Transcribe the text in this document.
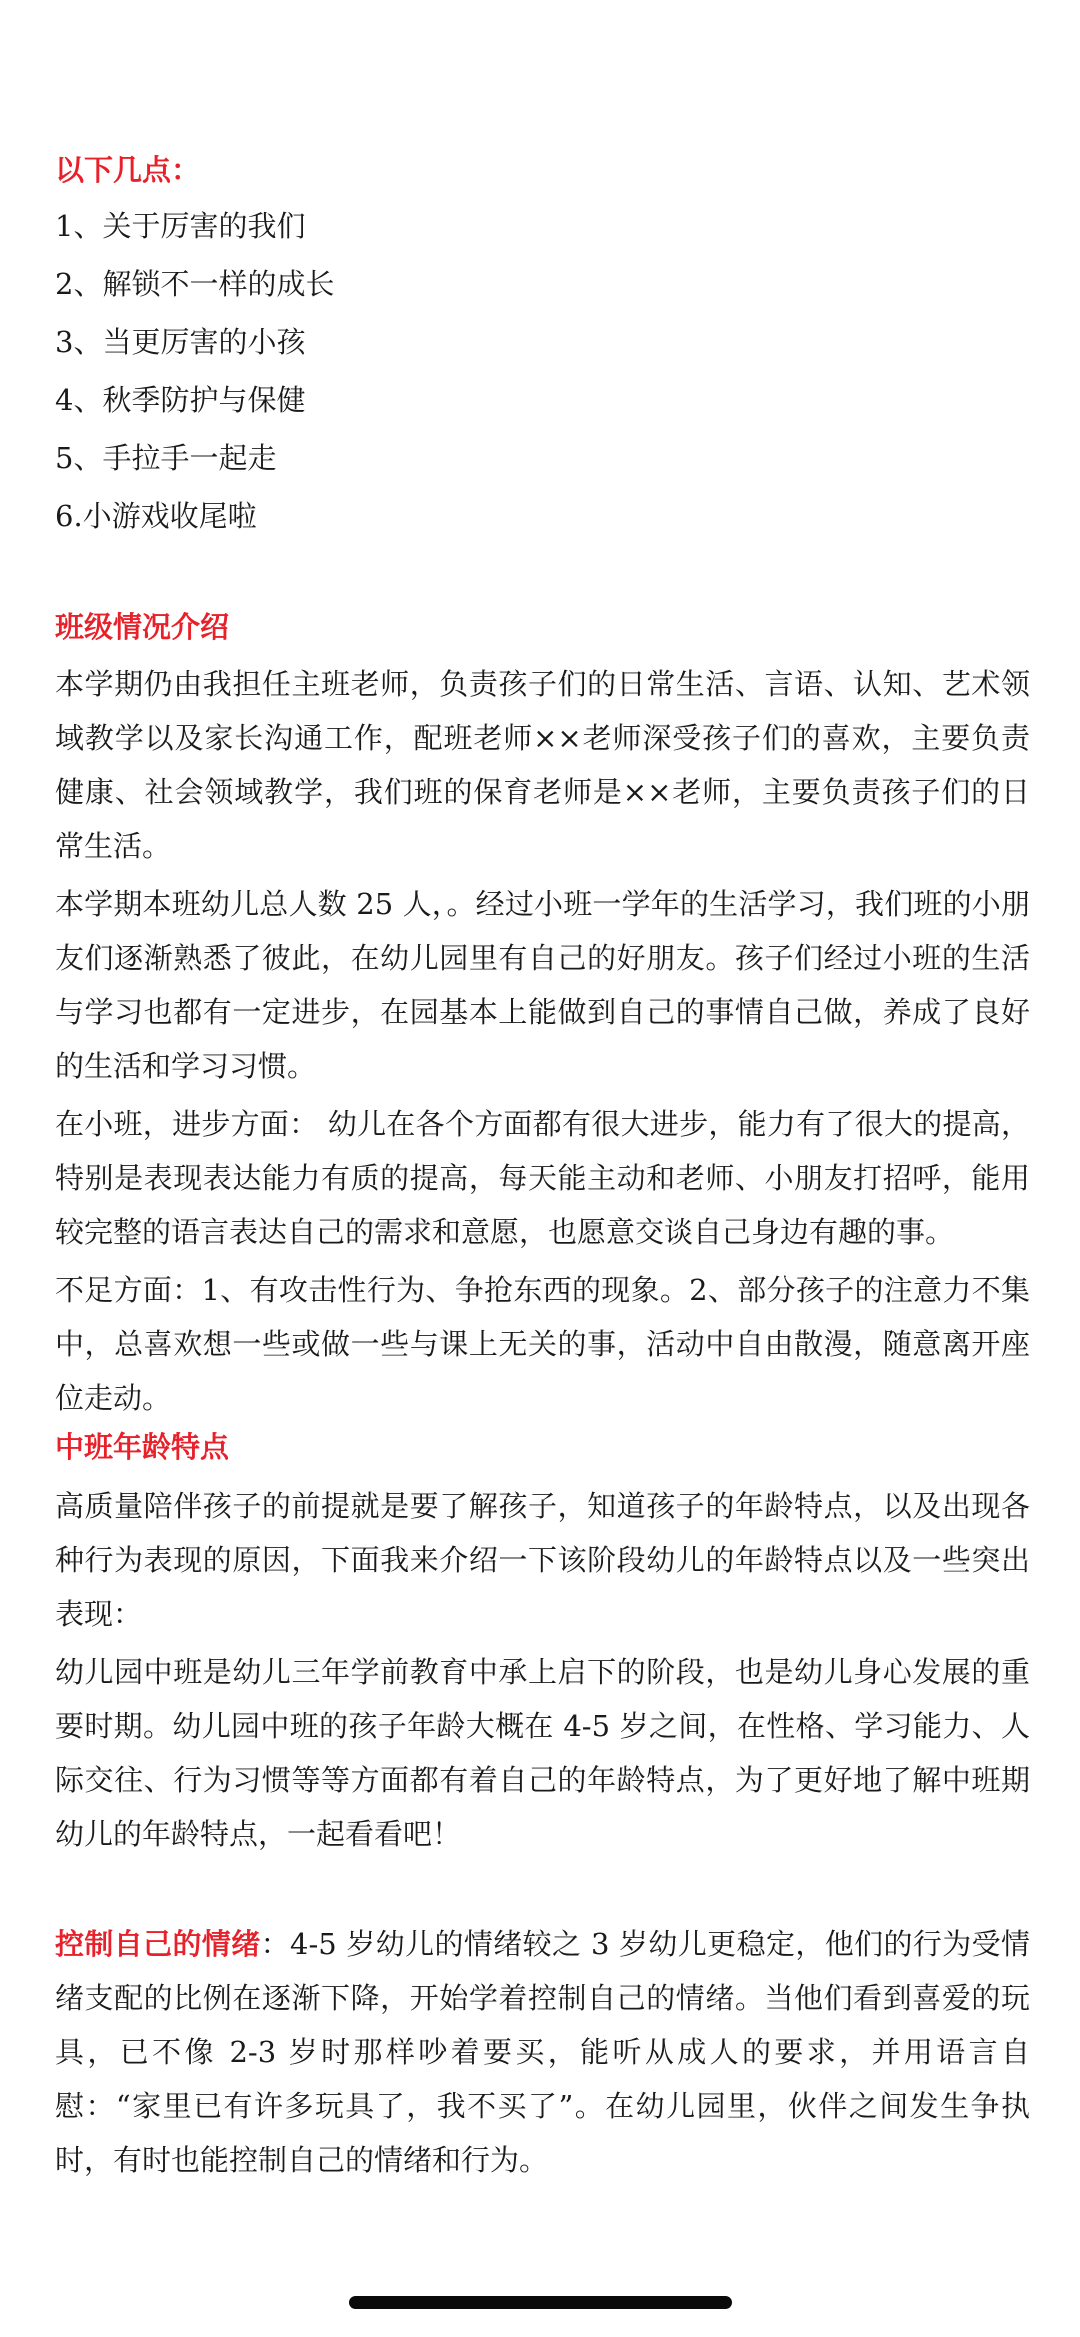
以下几点：

1、关于厉害的我们

2、解锁不一样的成长

3、当更厉害的小孩

4、秋季防护与保健

5、手拉手一起走

6.小游戏收尾啦

班级情况介绍

本学期仍由我担任主班老师，负责孩子们的日常生活、言语、认知、艺术领域教学以及家长沟通工作，配班老师××老师深受孩子们的喜欢，主要负责健康、社会领域教学，我们班的保育老师是××老师，主要负责孩子们的日常生活。

本学期本班幼儿总人数 25 人，。经过小班一学年的生活学习，我们班的小朋友们逐渐熟悉了彼此，在幼儿园里有自己的好朋友。孩子们经过小班的生活与学习也都有一定进步，在园基本上能做到自己的事情自己做，养成了良好的生活和学习习惯。

在小班，进步方面： 幼儿在各个方面都有很大进步，能力有了很大的提高，特别是表现表达能力有质的提高，每天能主动和老师、小朋友打招呼，能用较完整的语言表达自己的需求和意愿，也愿意交谈自己身边有趣的事。

不足方面：1、有攻击性行为、争抢东西的现象。2、部分孩子的注意力不集中，总喜欢想一些或做一些与课上无关的事，活动中自由散漫，随意离开座位走动。

中班年龄特点

高质量陪伴孩子的前提就是要了解孩子，知道孩子的年龄特点，以及出现各种行为表现的原因，下面我来介绍一下该阶段幼儿的年龄特点以及一些突出表现：

幼儿园中班是幼儿三年学前教育中承上启下的阶段，也是幼儿身心发展的重要时期。幼儿园中班的孩子年龄大概在 4-5 岁之间，在性格、学习能力、人际交往、行为习惯等等方面都有着自己的年龄特点，为了更好地了解中班期幼儿的年龄特点，一起看看吧！

控制自己的情绪：4-5 岁幼儿的情绪较之 3 岁幼儿更稳定，他们的行为受情绪支配的比例在逐渐下降，开始学着控制自己的情绪。当他们看到喜爱的玩具，已不像 2-3 岁时那样吵着要买，能听从成人的要求，并用语言自慰：“家里已有许多玩具了，我不买了”。在幼儿园里，伙伴之间发生争执时，有时也能控制自己的情绪和行为。
